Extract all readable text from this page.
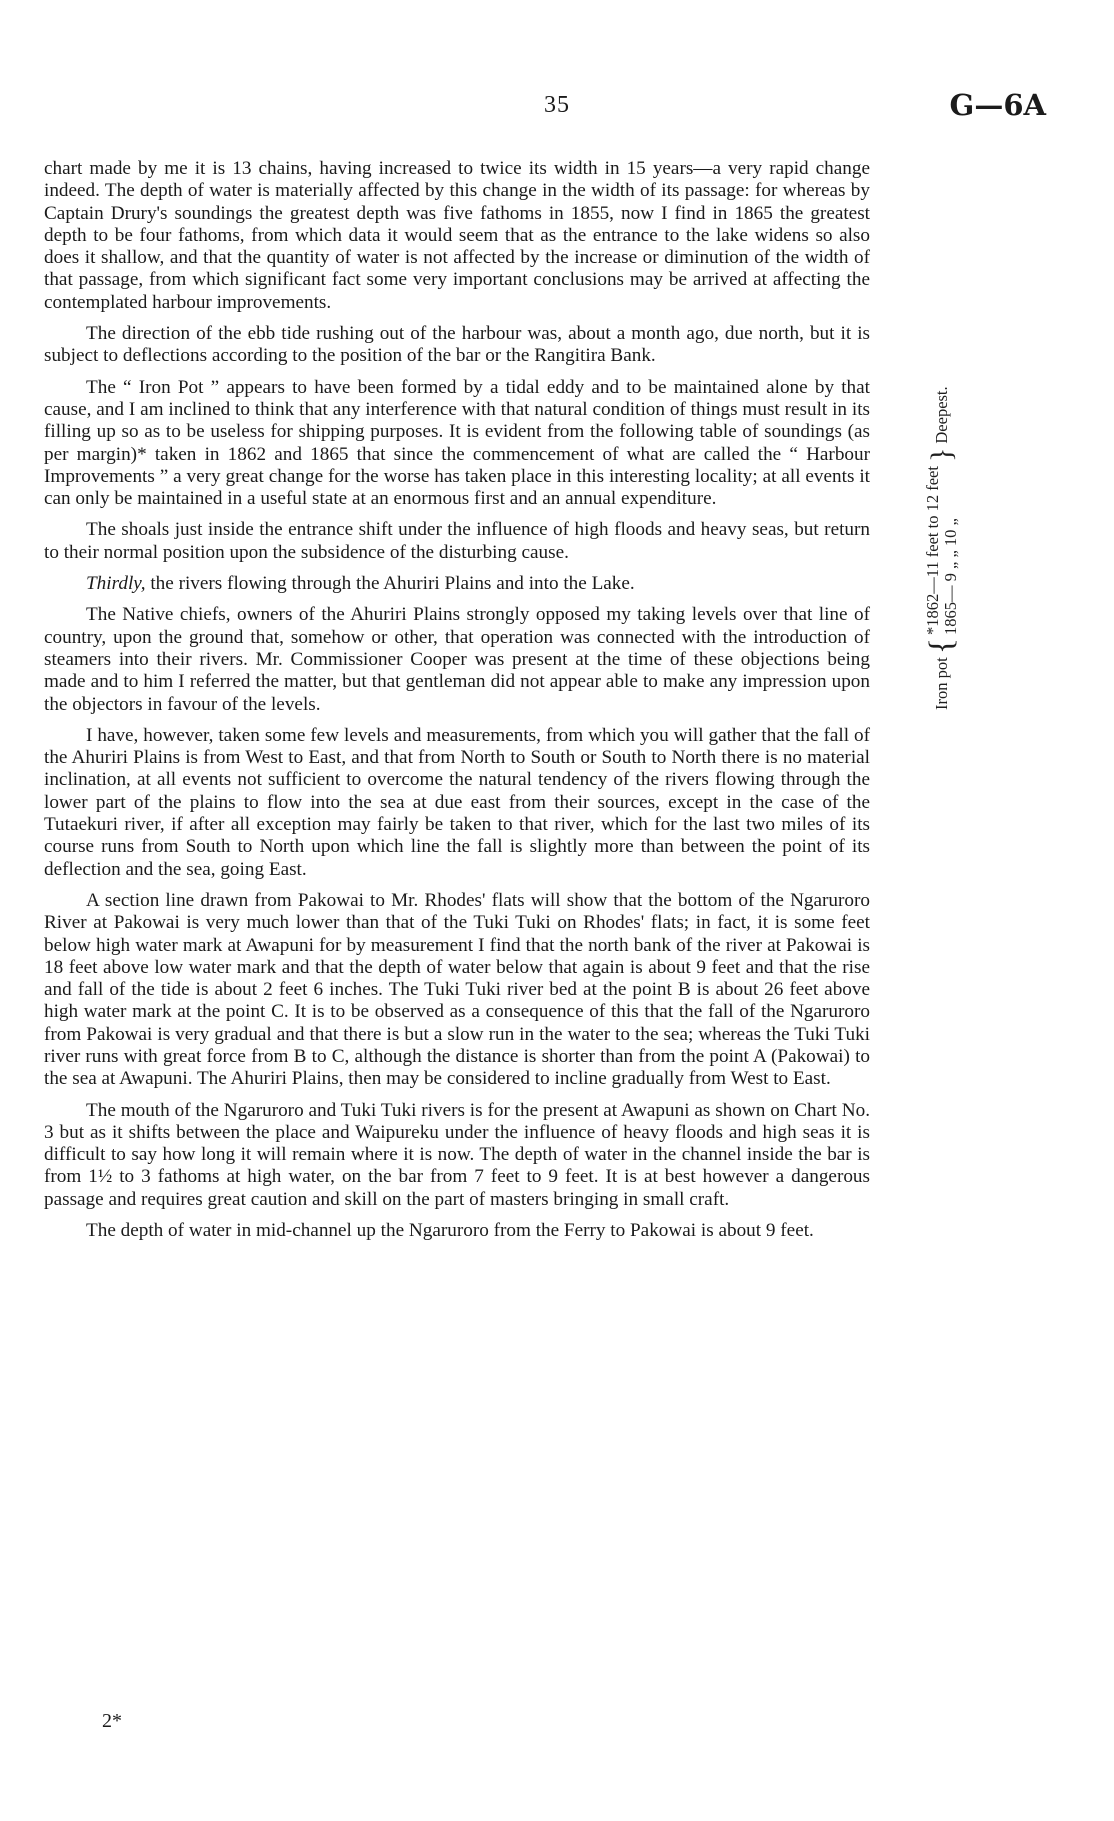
35	G—6A

chart made by me it is 13 chains, having increased to twice its width in 15 years—a very rapid change indeed. The depth of water is materially affected by this change in the width of its passage: for whereas by Captain Drury's soundings the greatest depth was five fathoms in 1855, now I find in 1865 the greatest depth to be four fathoms, from which data it would seem that as the entrance to the lake widens so also does it shallow, and that the quantity of water is not affected by the increase or diminution of the width of that passage, from which significant fact some very important conclusions may be arrived at affecting the contemplated harbour improvements.

The direction of the ebb tide rushing out of the harbour was, about a month ago, due north, but it is subject to deflections according to the position of the bar or the Rangitira Bank.

The “ Iron Pot ” appears to have been formed by a tidal eddy and to be maintained alone by that cause, and I am inclined to think that any interference with that natural condition of things must result in its filling up so as to be useless for shipping purposes. It is evident from the following table of soundings (as per margin)* taken in 1862 and 1865 that since the commencement of what are called the “ Harbour Improvements ” a very great change for the worse has taken place in this interesting locality; at all events it can only be maintained in a useful state at an enormous first and an annual expenditure.

The shoals just inside the entrance shift under the influence of high floods and heavy seas, but return to their normal position upon the subsidence of the disturbing cause.

Thirdly, the rivers flowing through the Ahuriri Plains and into the Lake.

The Native chiefs, owners of the Ahuriri Plains strongly opposed my taking levels over that line of country, upon the ground that, somehow or other, that operation was connected with the introduction of steamers into their rivers. Mr. Commissioner Cooper was present at the time of these objections being made and to him I referred the matter, but that gentleman did not appear able to make any impression upon the objectors in favour of the levels.

I have, however, taken some few levels and measurements, from which you will gather that the fall of the Ahuriri Plains is from West to East, and that from North to South or South to North there is no material inclination, at all events not sufficient to overcome the natural tendency of the rivers flowing through the lower part of the plains to flow into the sea at due east from their sources, except in the case of the Tutaekuri river, if after all exception may fairly be taken to that river, which for the last two miles of its course runs from South to North upon which line the fall is slightly more than between the point of its deflection and the sea, going East.

A section line drawn from Pakowai to Mr. Rhodes' flats will show that the bottom of the Ngaruroro River at Pakowai is very much lower than that of the Tuki Tuki on Rhodes' flats; in fact, it is some feet below high water mark at Awapuni for by measurement I find that the north bank of the river at Pakowai is 18 feet above low water mark and that the depth of water below that again is about 9 feet and that the rise and fall of the tide is about 2 feet 6 inches. The Tuki Tuki river bed at the point B is about 26 feet above high water mark at the point C. It is to be observed as a consequence of this that the fall of the Ngaruroro from Pakowai is very gradual and that there is but a slow run in the water to the sea; whereas the Tuki Tuki river runs with great force from B to C, although the distance is shorter than from the point A (Pakowai) to the sea at Awapuni. The Ahuriri Plains, then may be considered to incline gradually from West to East.

The mouth of the Ngaruroro and Tuki Tuki rivers is for the present at Awapuni as shown on Chart No. 3 but as it shifts between the place and Waipureku under the influence of heavy floods and high seas it is difficult to say how long it will remain where it is now. The depth of water in the channel inside the bar is from 1½ to 3 fathoms at high water, on the bar from 7 feet to 9 feet. It is at best however a dangerous passage and requires great caution and skill on the part of masters bringing in small craft.

The depth of water in mid-channel up the Ngaruroro from the Ferry to Pakowai is about 9 feet.

Iron pot
{
*1862—11 feet to 12 feet 1865— 9 „ „ 10 „
}
Deepest.
2*
